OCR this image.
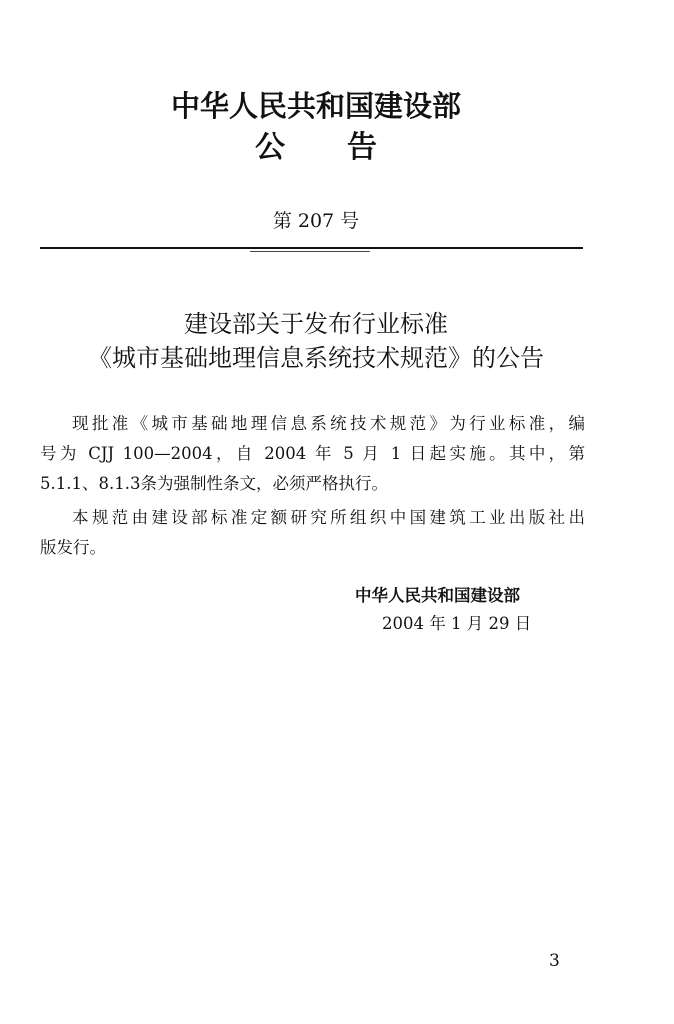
中华人民共和国建设部
公告
第 207 号
建设部关于发布行业标准
《城市基础地理信息系统技术规范》的公告
现批准《城市基础地理信息系统技术规范》为行业标准，编
号为 CJJ 100—2004，自 2004 年 5 月 1 日起实施。其中，第
5.1.1、8.1.3条为强制性条文，必须严格执行。
本规范由建设部标准定额研究所组织中国建筑工业出版社出
版发行。
中华人民共和国建设部
2004 年 1 月 29 日
3
